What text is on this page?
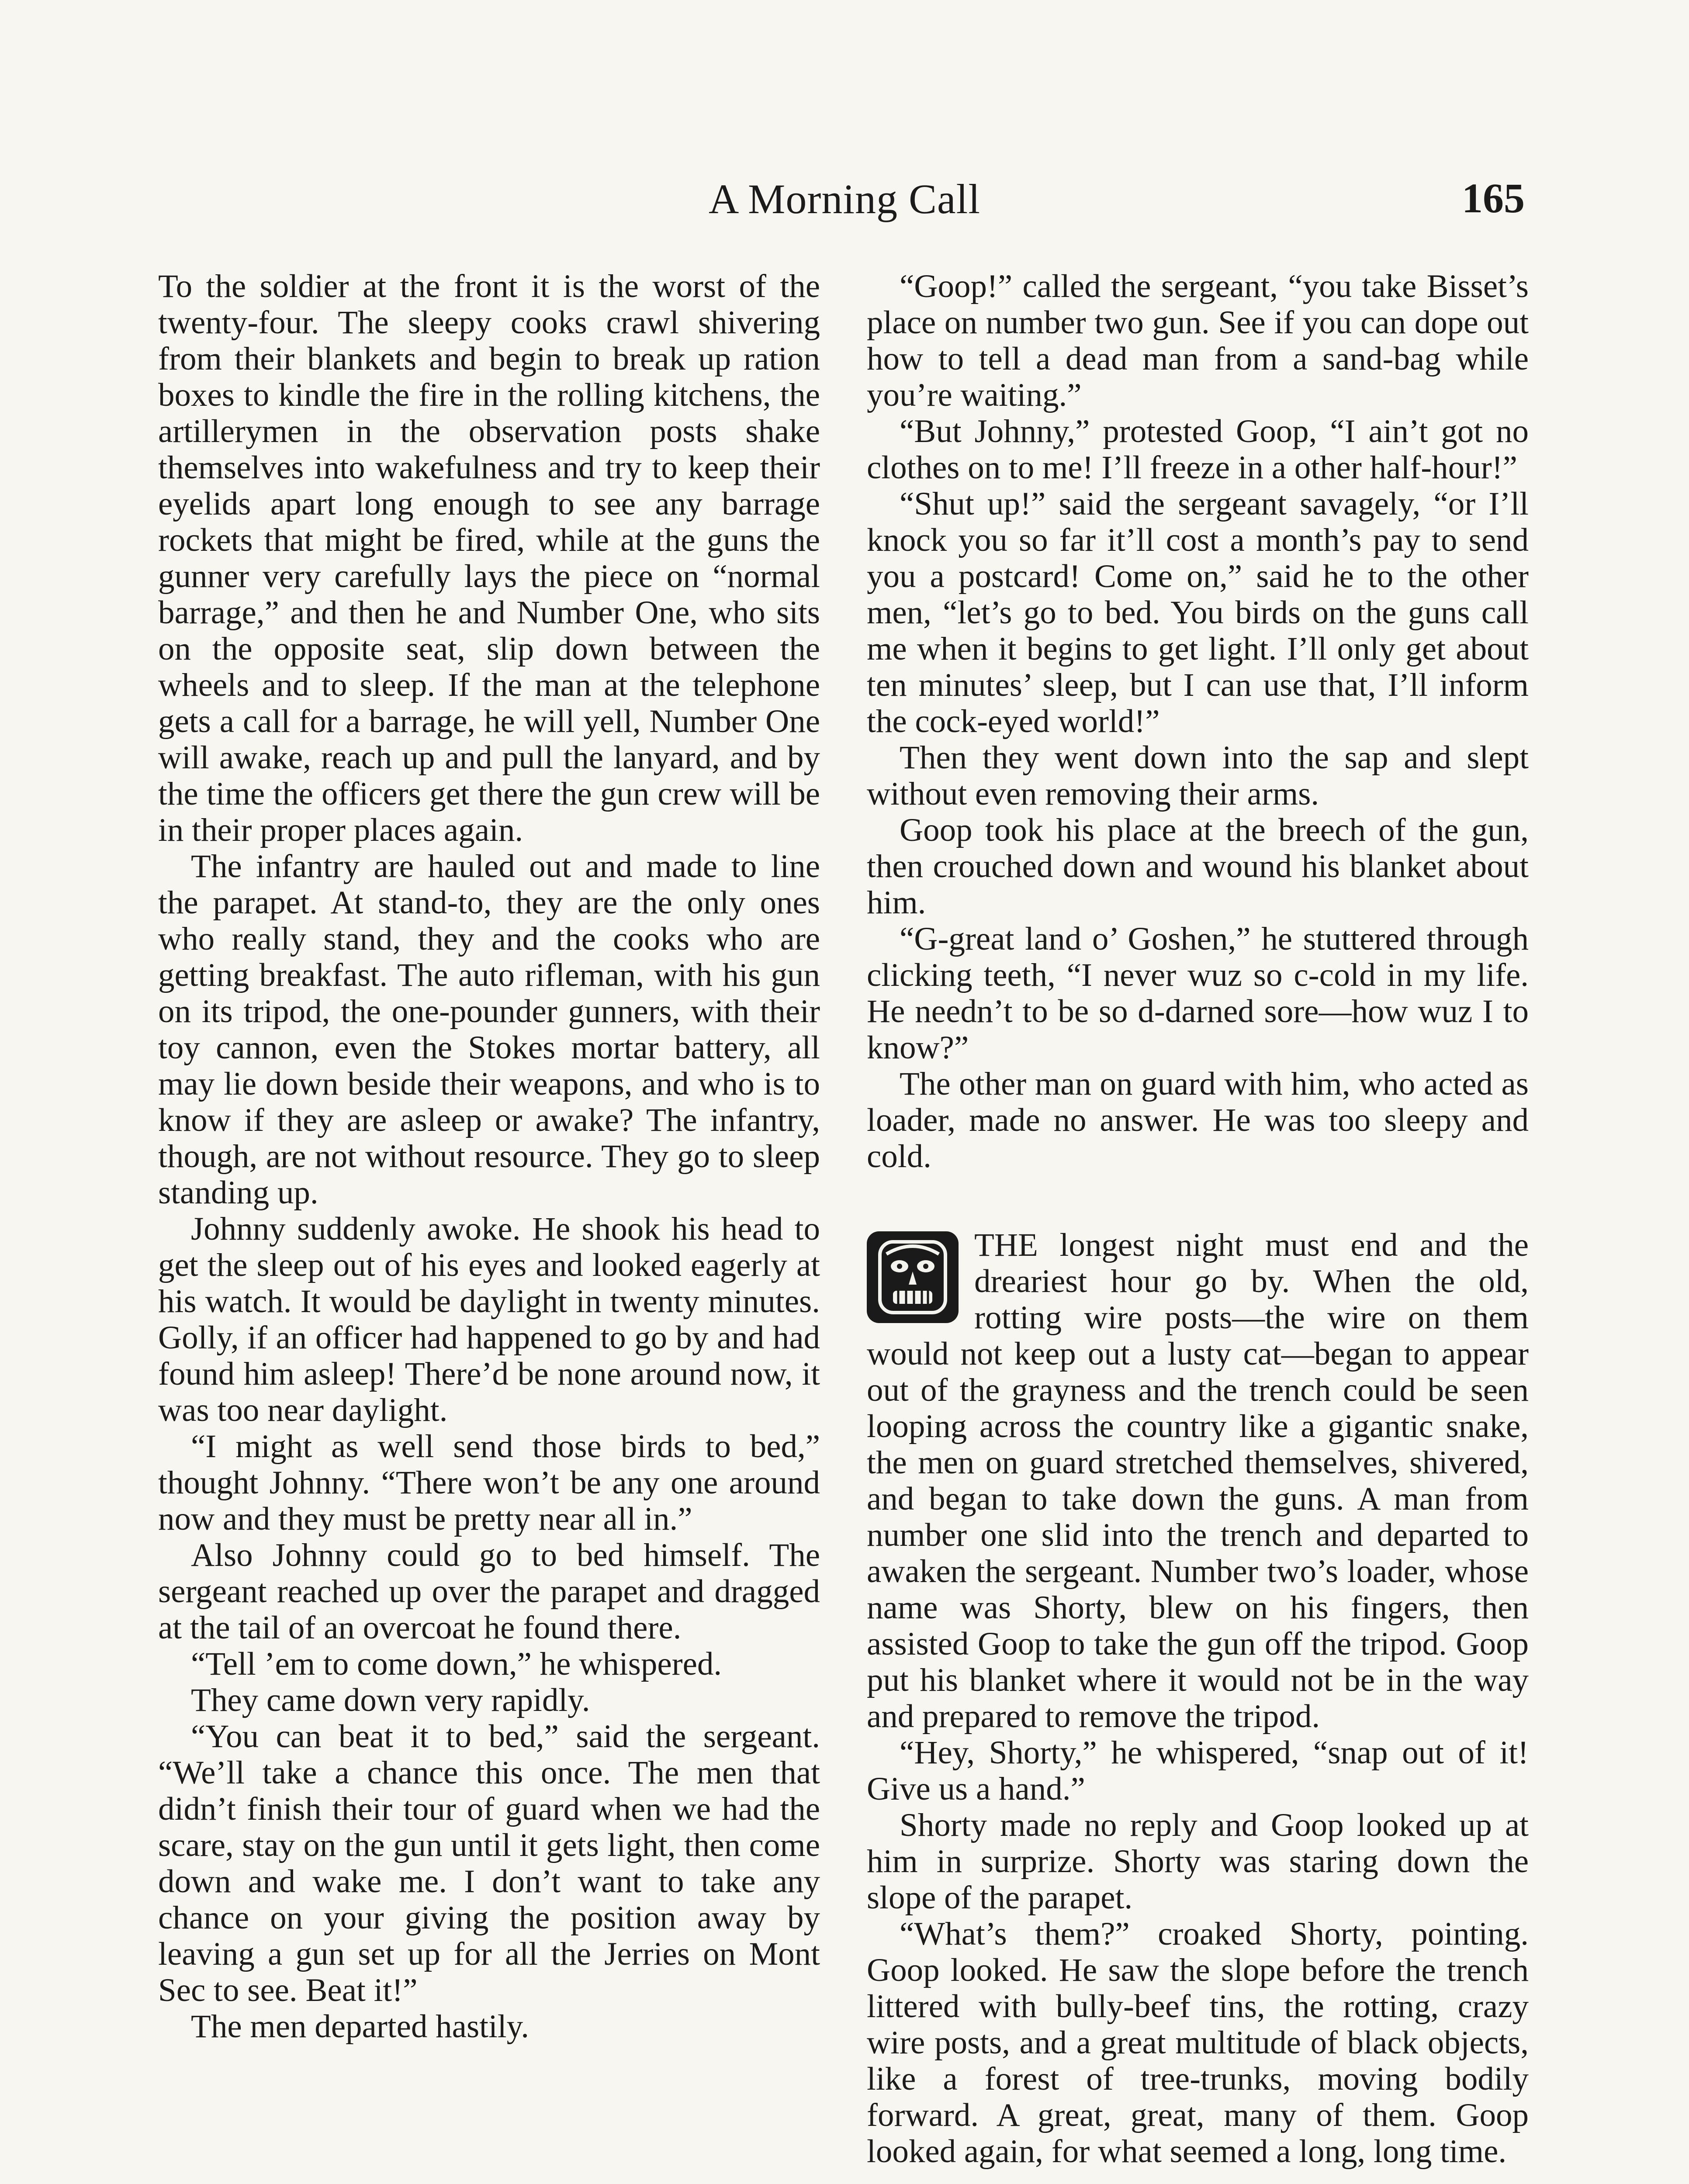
A Morning Call	165

To the soldier at the front it is the worst of the twenty-four. The sleepy cooks crawl shivering from their blankets and begin to break up ration boxes to kindle the fire in the rolling kitchens, the artillerymen in the observation posts shake themselves into wakefulness and try to keep their eyelids apart long enough to see any barrage rockets that might be fired, while at the guns the gunner very carefully lays the piece on “normal barrage,” and then he and Number One, who sits on the opposite seat, slip down between the wheels and to sleep. If the man at the telephone gets a call for a barrage, he will yell, Number One will awake, reach up and pull the lanyard, and by the time the officers get there the gun crew will be in their proper places again.

The infantry are hauled out and made to line the parapet. At stand-to, they are the only ones who really stand, they and the cooks who are getting breakfast. The auto rifleman, with his gun on its tripod, the one-pounder gunners, with their toy cannon, even the Stokes mortar battery, all may lie down beside their weapons, and who is to know if they are asleep or awake? The infantry, though, are not without resource. They go to sleep standing up.

Johnny suddenly awoke. He shook his head to get the sleep out of his eyes and looked eagerly at his watch. It would be daylight in twenty minutes. Golly, if an officer had happened to go by and had found him asleep! There’d be none around now, it was too near daylight.

“I might as well send those birds to bed,” thought Johnny. “There won’t be any one around now and they must be pretty near all in.”

Also Johnny could go to bed himself. The sergeant reached up over the parapet and dragged at the tail of an overcoat he found there.

“Tell ’em to come down,” he whispered.

They came down very rapidly.

“You can beat it to bed,” said the sergeant. “We’ll take a chance this once. The men that didn’t finish their tour of guard when we had the scare, stay on the gun until it gets light, then come down and wake me. I don’t want to take any chance on your giving the position away by leaving a gun set up for all the Jerries on Mont Sec to see. Beat it!”

The men departed hastily.

“Goop!” called the sergeant, “you take Bisset’s place on number two gun. See if you can dope out how to tell a dead man from a sand-bag while you’re waiting.”

“But Johnny,” protested Goop, “I ain’t got no clothes on to me! I’ll freeze in a other half-hour!”

“Shut up!” said the sergeant savagely, “or I’ll knock you so far it’ll cost a month’s pay to send you a postcard! Come on,” said he to the other men, “let’s go to bed. You birds on the guns call me when it begins to get light. I’ll only get about ten minutes’ sleep, but I can use that, I’ll inform the cock-eyed world!”

Then they went down into the sap and slept without even removing their arms.

Goop took his place at the breech of the gun, then crouched down and wound his blanket about him.

“G-great land o’ Goshen,” he stuttered through clicking teeth, “I never wuz so c-cold in my life. He needn’t to be so d-darned sore—how wuz I to know?”

The other man on guard with him, who acted as loader, made no answer. He was too sleepy and cold.

THE longest night must end and the dreariest hour go by. When the old, rotting wire posts—the wire on them would not keep out a lusty cat—began to appear out of the grayness and the trench could be seen looping across the country like a gigantic snake, the men on guard stretched themselves, shivered, and began to take down the guns. A man from number one slid into the trench and departed to awaken the sergeant. Number two’s loader, whose name was Shorty, blew on his fingers, then assisted Goop to take the gun off the tripod. Goop put his blanket where it would not be in the way and prepared to remove the tripod.

“Hey, Shorty,” he whispered, “snap out of it! Give us a hand.”

Shorty made no reply and Goop looked up at him in surprize. Shorty was staring down the slope of the parapet.

“What’s them?” croaked Shorty, pointing. Goop looked. He saw the slope before the trench littered with bully-beef tins, the rotting, crazy wire posts, and a great multitude of black objects, like a forest of tree-trunks, moving bodily forward. A great, great, many of them. Goop looked again, for what seemed a long, long time.
